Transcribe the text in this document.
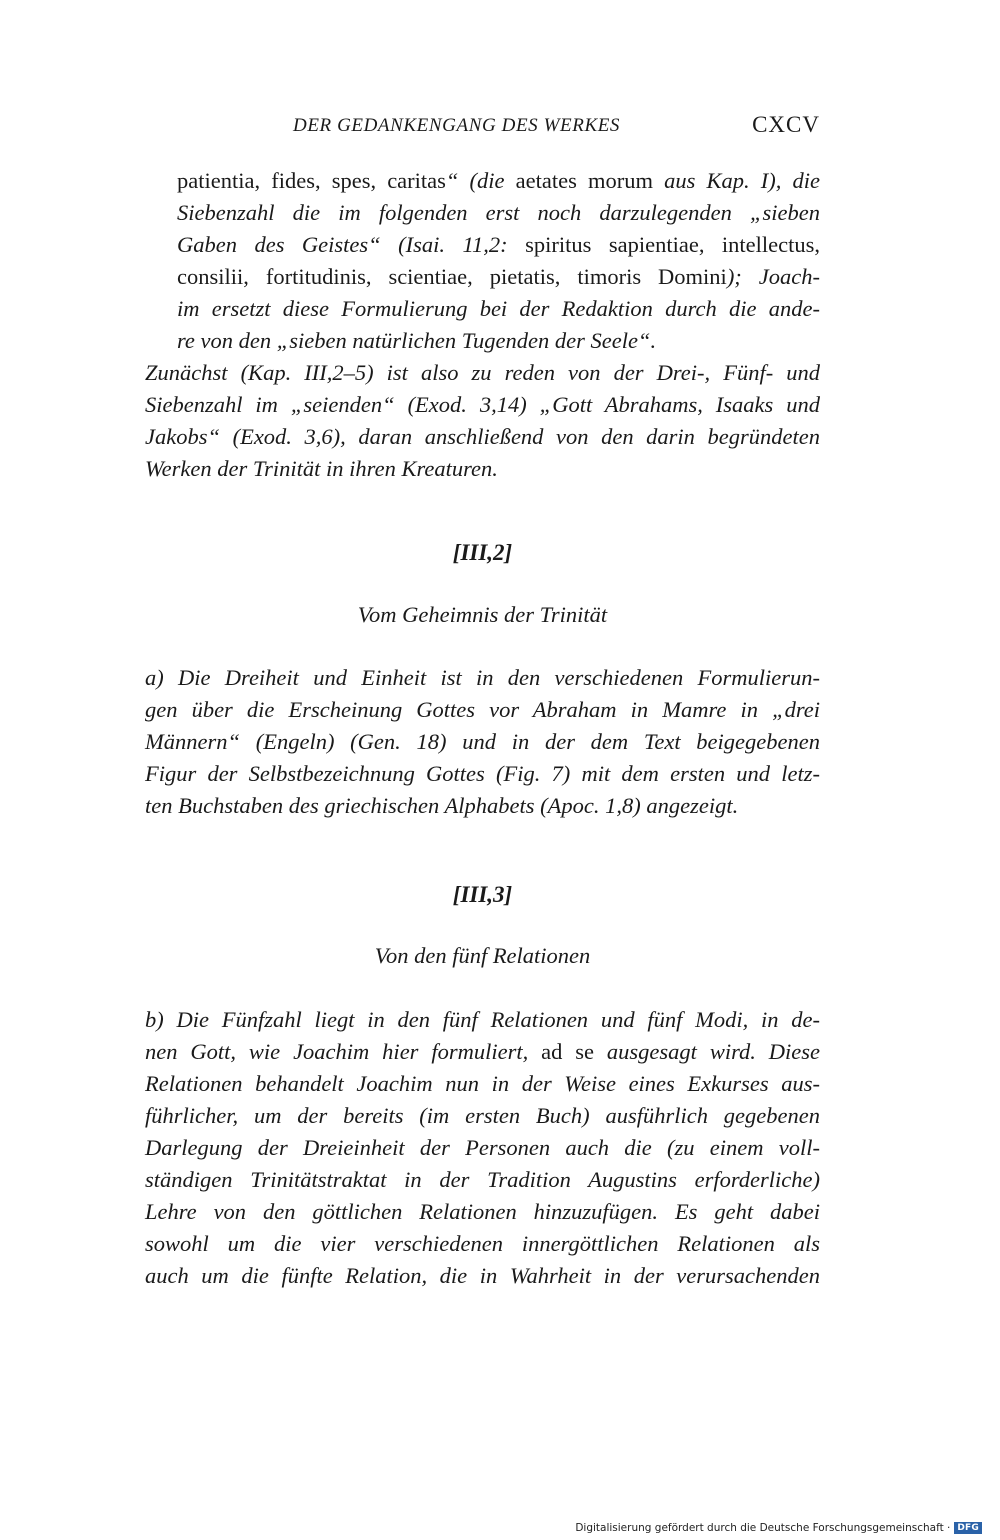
DER GEDANKENGANG DES WERKES	CXCV
patientia, fides, spes, caritas“ (die aetates morum aus Kap. I), die
Siebenzahl die im folgenden erst noch darzulegenden „sieben
Gaben des Geistes“ (Isai. 11,2: spiritus sapientiae, intellectus,
consilii, fortitudinis, scientiae, pietatis, timoris Domini); Joach-
im ersetzt diese Formulierung bei der Redaktion durch die ande-
re von den „sieben natürlichen Tugenden der Seele“.
Zunächst (Kap. III,2–5) ist also zu reden von der Drei-, Fünf- und
Siebenzahl im „seienden“ (Exod. 3,14) „Gott Abrahams, Isaaks und
Jakobs“ (Exod. 3,6), daran anschließend von den darin begründeten
Werken der Trinität in ihren Kreaturen.
[III,2]
Vom Geheimnis der Trinität
a) Die Dreiheit und Einheit ist in den verschiedenen Formulierun-
gen über die Erscheinung Gottes vor Abraham in Mamre in „drei
Männern“ (Engeln) (Gen. 18) und in der dem Text beigegebenen
Figur der Selbstbezeichnung Gottes (Fig. 7) mit dem ersten und letz-
ten Buchstaben des griechischen Alphabets (Apoc. 1,8) angezeigt.
[III,3]
Von den fünf Relationen
b) Die Fünfzahl liegt in den fünf Relationen und fünf Modi, in de-
nen Gott, wie Joachim hier formuliert, ad se ausgesagt wird. Diese
Relationen behandelt Joachim nun in der Weise eines Exkurses aus-
führlicher, um der bereits (im ersten Buch) ausführlich gegebenen
Darlegung der Dreieinheit der Personen auch die (zu einem voll-
ständigen Trinitätstraktat in der Tradition Augustins erforderliche)
Lehre von den göttlichen Relationen hinzuzufügen. Es geht dabei
sowohl um die vier verschiedenen innergöttlichen Relationen als
auch um die fünfte Relation, die in Wahrheit in der verursachenden
Digitalisierung gefördert durch die Deutsche Forschungsgemeinschaft · DFG
